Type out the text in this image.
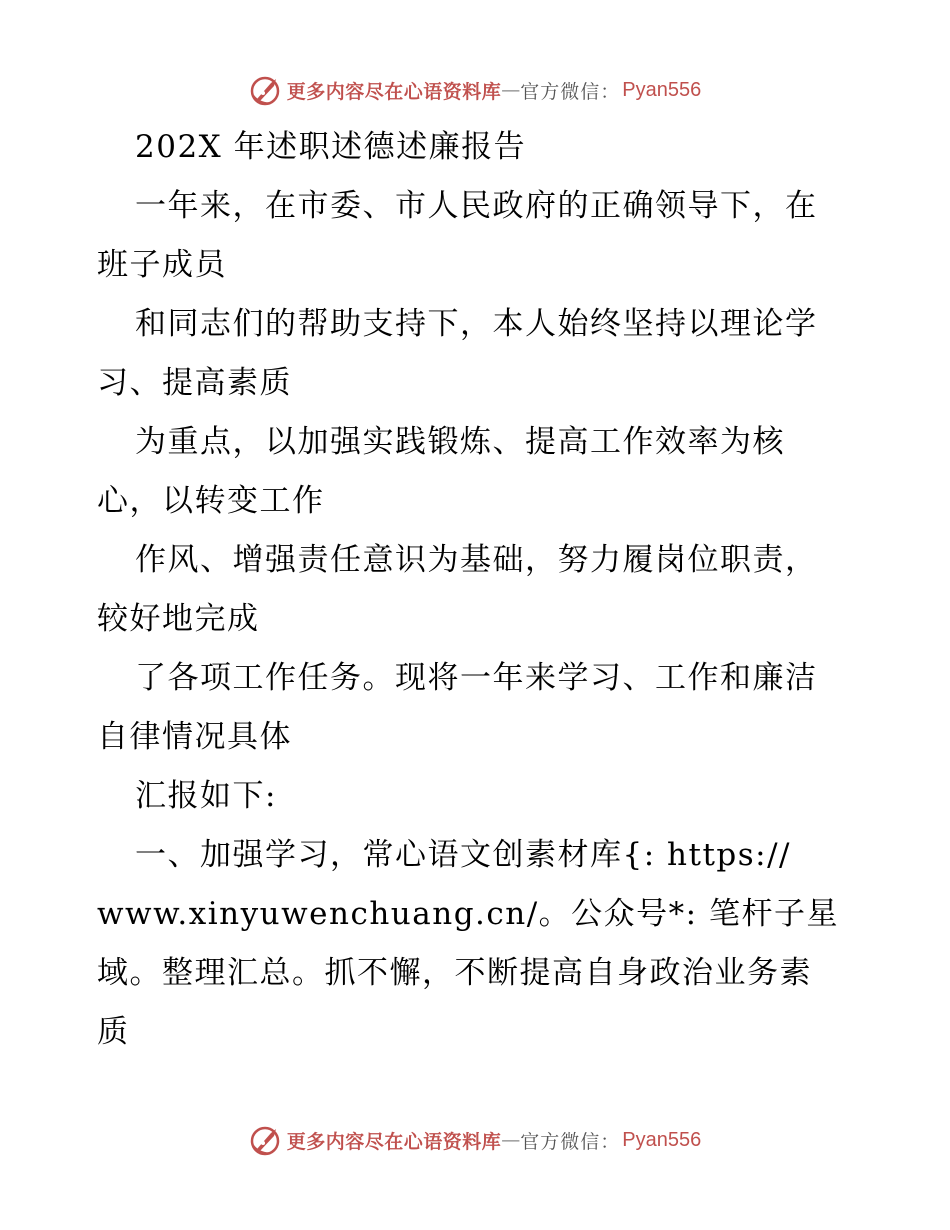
更多内容尽在心语资料库 — 官方微信： Pyan556
202X 年述职述德述廉报告
一年来，在市委、市人民政府的正确领导下，在
班子成员
和同志们的帮助支持下，本人始终坚持以理论学
习、提高素质
为重点，以加强实践锻炼、提高工作效率为核
心，以转变工作
作风、增强责任意识为基础，努力履岗位职责，
较好地完成
了各项工作任务。现将一年来学习、工作和廉洁
自律情况具体
汇报如下:
一、加强学习，常心语文创素材库{: https://
www.xinyuwenchuang.cn/。公众号*: 笔杆子星
域。整理汇总。抓不懈，不断提高自身政治业务素
质
更多内容尽在心语资料库 — 官方微信： Pyan556
